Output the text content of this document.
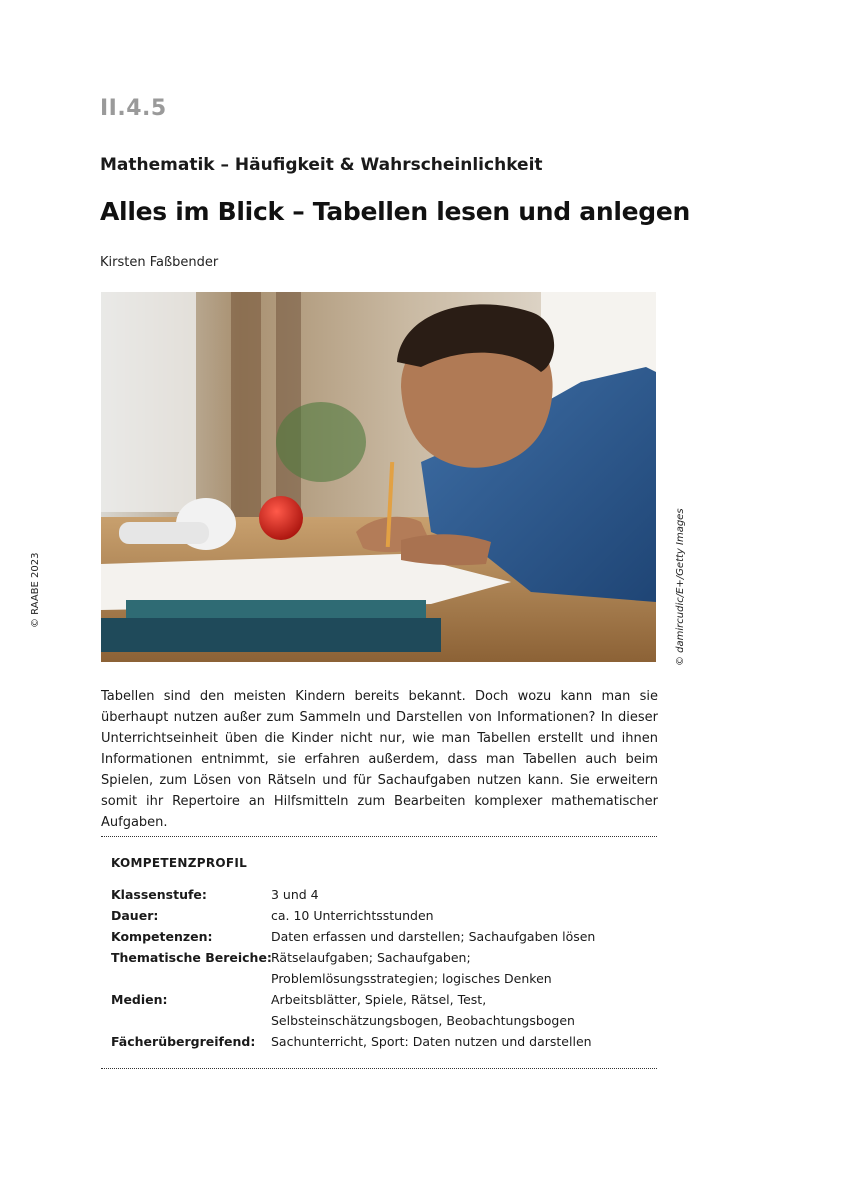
II.4.5
Mathematik – Häufigkeit & Wahrscheinlichkeit
Alles im Blick – Tabellen lesen und anlegen
Kirsten Faßbender
© RAABE 2023	© damircudic/E+/Getty Images
Tabellen sind den meisten Kindern bereits bekannt. Doch wozu kann man sie überhaupt nutzen außer zum Sammeln und Darstellen von Informationen? In dieser Unterrichtseinheit üben die Kinder nicht nur, wie man Tabellen erstellt und ihnen Informationen entnimmt, sie erfahren außerdem, dass man Tabellen auch beim Spielen, zum Lösen von Rätseln und für Sachaufgaben nutzen kann. Sie erweitern somit ihr Repertoire an Hilfsmitteln zum Bearbeiten komplexer mathematischer Aufgaben.
KOMPETENZPROFIL
Klassenstufe:	3 und 4
Dauer:	ca. 10 Unterrichtsstunden
Kompetenzen:	Daten erfassen und darstellen; Sachaufgaben lösen
Thematische Bereiche: Rätselaufgaben; Sachaufgaben; Problemlösungsstrategien; logisches Denken
Medien:	Arbeitsblätter, Spiele, Rätsel, Test, Selbsteinschätzungsbogen, Beobachtungsbogen
Fächerübergreifend: Sachunterricht, Sport: Daten nutzen und darstellen
